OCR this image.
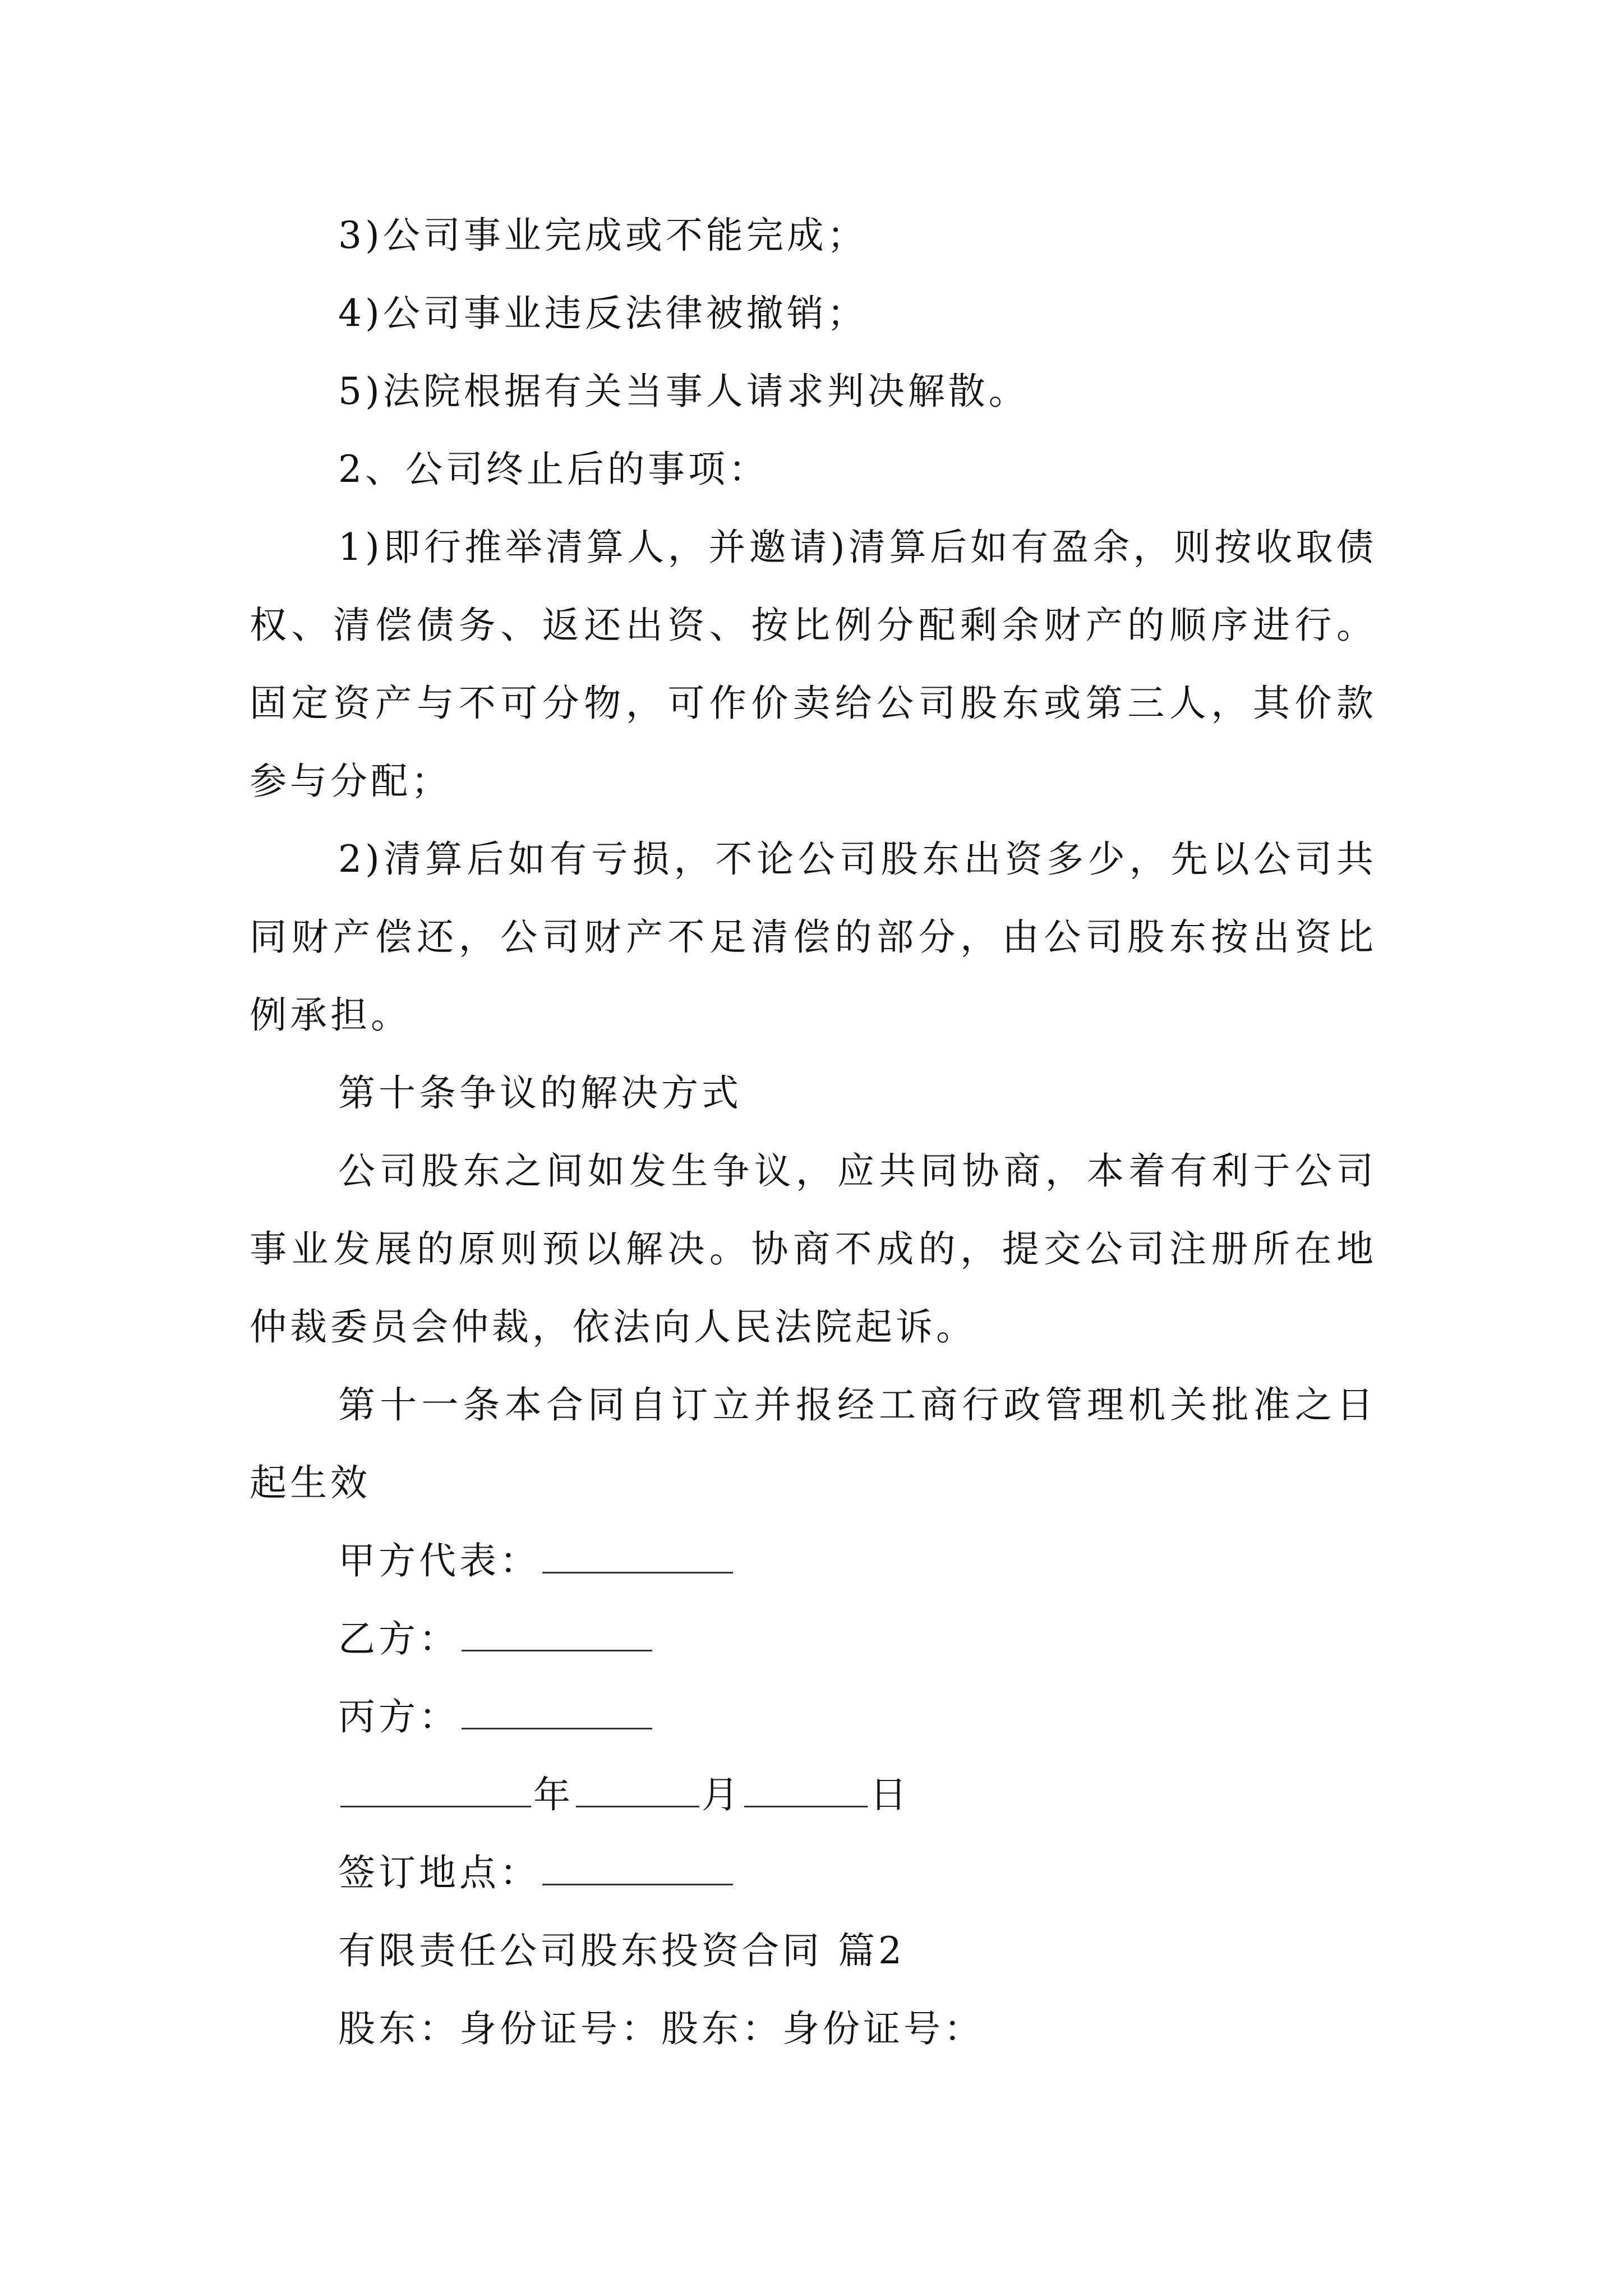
3)公司事业完成或不能完成；

4)公司事业违反法律被撤销；

5)法院根据有关当事人请求判决解散。

2、公司终止后的事项：

1)即行推举清算人，并邀请)清算后如有盈余，则按收取债权、清偿债务、返还出资、按比例分配剩余财产的顺序进行。固定资产与不可分物，可作价卖给公司股东或第三人，其价款参与分配；

2)清算后如有亏损，不论公司股东出资多少，先以公司共同财产偿还，公司财产不足清偿的部分，由公司股东按出资比例承担。

第十条争议的解决方式

公司股东之间如发生争议，应共同协商，本着有利于公司事业发展的原则预以解决。协商不成的，提交公司注册所在地仲裁委员会仲裁，依法向人民法院起诉。

第十一条本合同自订立并报经工商行政管理机关批准之日起生效

甲方代表：
乙方：
丙方：
年	月	日
签订地点：
有限责任公司股东投资合同 篇2
股东：身份证号：股东：身份证号：
